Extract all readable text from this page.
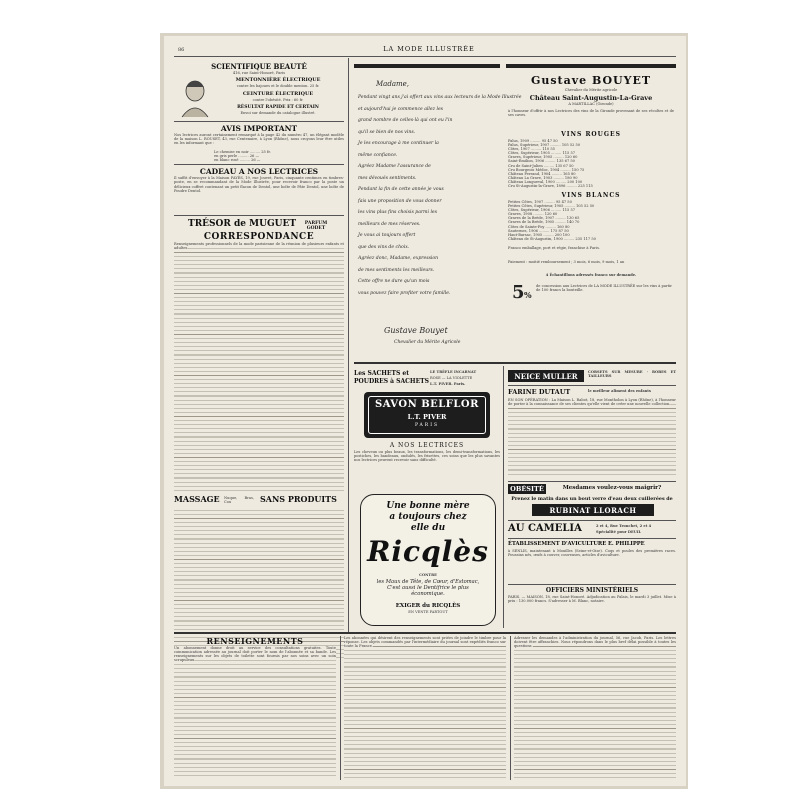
86	LA MODE ILLUSTRÉE
SCIENTIFIQUE BEAUTÉ
416, rue Saint-Honoré, Paris
MENTONNIÈRE ÉLECTRIQUE
contre les bajoues et le double menton. 25 fr.
CEINTURE ÉLECTRIQUE
contre l'obésité. Prix : 60 fr.
RÉSULTAT RAPIDE ET CERTAIN
Envoi sur demande du catalogue illustré.
AVIS IMPORTANT
Nos lectrices auront certainement remarqué à la page 42 du numéro 47, un élégant modèle de la maison L. ROUSET, 43, rue Centenaire, à Lyon (Rhône), nous croyons leur être utiles en les informant que :
Le chemise en noir ......... 25 fr.
en gris perle ......... 26 —
en blanc rosé ......... 26 —
CADEAU A NOS LECTRICES
Il suffit d'envoyer à la Maison FAYÈS, 19, rue Jouvet, Paris, cinquante centimes en timbres-poste, en se recommandant de la Mode Illustrée, pour recevoir franco par la poste un délicieux coffret contenant un petit flacon de Dentol, une boîte de Pâte Dentol, une boîte de Poudre Dentol.
TRÉSOR de MUGUET	PARFUM GODET
CORRESPONDANCE
Renseignements professionnels de la mode parisienne de la réunion de plusieurs enfants et adultes.
MASSAGE Nuque, Bras, Cou	SANS PRODUITS
Madame,
Pendant vingt ans j'ai offert aux vins aux lecteurs de la Mode Illustrée
et aujourd'hui je commence allez les
grand nombre de celles-là qui ont eu l'in
qu'il se bien de nos vins.
Je les encourage à me continuer la
même confiance.
Agréez Madame l'assurance de
mes dévoués sentiments.
Pendant la fin de cette année je vous
fais une proposition de vous donner
les vins plus fins choisis parmi les
meilleurs de mes réserves.
Je vous ai toujours offert
que des vins de choix.
Agréez donc, Madame, expression
de mes sentiments les meilleurs.
Cette offre ne dure qu'un mois
vous pouvez faire profiter votre famille.
Gustave Bouyet
Chevalier du Mérite Agricole
Gustave BOUYET
Chevalier du Mérite agricole
Château Saint-Augustin-La-Grave
A MARTILLAC (Gironde)
à l'honneur d'offrir à nos Lectrices des vins de la Gironde provenant de ses récoltes et de ses caves.
VINS ROUGES
Palus, 1909 ......... 95 47 50
Palus, Supérieur, 1907 ......... 105 52 50
Côtes, 1907 ......... 110 55
Côtes, Supérieur, 1905 ......... 115 57
Graves, Supérieur, 1905 ......... 120 60
Saint-Émilion, 1906 ......... 135 67 50
Cru de Saint-Julien ......... 135 67 50
Cru Bourgeois Médoc, 1904 ......... 150 75
Château Ferrand, 1904 ......... 165 80
Château La Grave, 1903 ......... 180 90
Château Longueval, 1900 ......... 200 100
Cru St-Augustin-la-Grave, 1896 ......... 225 115
VINS BLANCS
Petites Côtes, 1907 ......... 95 47 50
Petites Côtes, Supérieur, 1905 ......... 105 52 50
Côtes, Supérieur, 1906 ......... 115 57
Graves, 1908 ......... 120 60
Graves de la Brède, 1907 ......... 130 65
Graves de la Brède, 1905 ......... 140 70
Côtes de Sainte-Foy ......... 160 80
Sauternes, 1906 ......... 175 87 50
Haut-Barsac, 1905 ......... 200 100
Château de St-Augustin, 1900 ......... 235 117 50
Franco emballage, port et régie, franchise à Paris.
Paiement : moitié remboursement ; 3 mois, 6 mois, 9 mois, 1 an
4 Échantillons adressés franco sur demande.
5 %
de concession aux Lectrices de LA MODE ILLUSTRÉE sur les vins à partir de 100 francs la bouteille.
Les SACHETS et
POUDRES à SACHETS
LE TRÈFLE INCARNAT
ROSE — LA VIOLETTE
L.T. PIVER. Paris.
SAVON BELFLOR
L.T. PIVER
PARIS
A NOS LECTRICES
Les cheveux ou plus beaux, les transformations, les demi-transformations, les postiches, les bandeaux, ondulés, les frisettes, ces soins que les plus savantes nos lectrices peuvent recevoir sans difficulté.
Une bonne mère
a toujours chez
elle du
Ricqlès
CONTRE
les Maux de Tête, de Cœur, d'Estomac, C'est aussi le Dentifrice le plus économique.
EXIGER du RICQLÈS
EN VENTE PARTOUT
NEICE MULLER	CORSETS SUR MESURE · ROBES ET TAILLEURS
FARINE DUTAUT	le meilleur aliment des enfants
EN SON OPÉRATION : La Maison L. Rabot, 18, rue Montholon à Lyon (Rhône), à l'honneur de porter à la connaissance de ses clientes qu'elle vient de créer une nouvelle collection.
OBÉSITÉ	Mesdames voulez-vous maigrir?
Prenez le matin dans un bout verre d'eau deux cuillerées de
RUBINAT LLORACH
AU CAMELIA	2 et 4, Rue Tronchet, 2 et 4
Spécialité pour DEUIL
ÉTABLISSEMENT D'AVICULTURE E. PHILIPPE
à SENLIS, maintenant à Mouilles (Seine-et-Oise). Coqs et poules des premières races. Poussins nés, œufs à couver, couveuses, articles d'aviculture.
OFFICIERS MINISTÉRIELS
PARIS. — MAISON, 18, rue Saint-Honoré. Adjudication au Palais, le mardi 3 juillet. Mise à prix : 130.000 francs. S'adresser à M. Blanc, notaire.
RENSEIGNEMENTS
Un abonnement donne droit au service des consultations gratuites. Toute communication adressée au journal doit porter le nom de l'abonnée et sa bande. Les renseignements sur les objets de toilette sont fournis par nos soins avec un soin scrupuleux.
Les abonnées qui désirent des renseignements sont priées de joindre le timbre pour la réponse. Les objets commandés par l'intermédiaire du journal sont expédiés franco sur toute la France.
Adresser les demandes à l'administration du journal, 56, rue Jacob, Paris. Les lettres doivent être affranchies. Nous répondrons dans le plus bref délai possible à toutes les questions.
